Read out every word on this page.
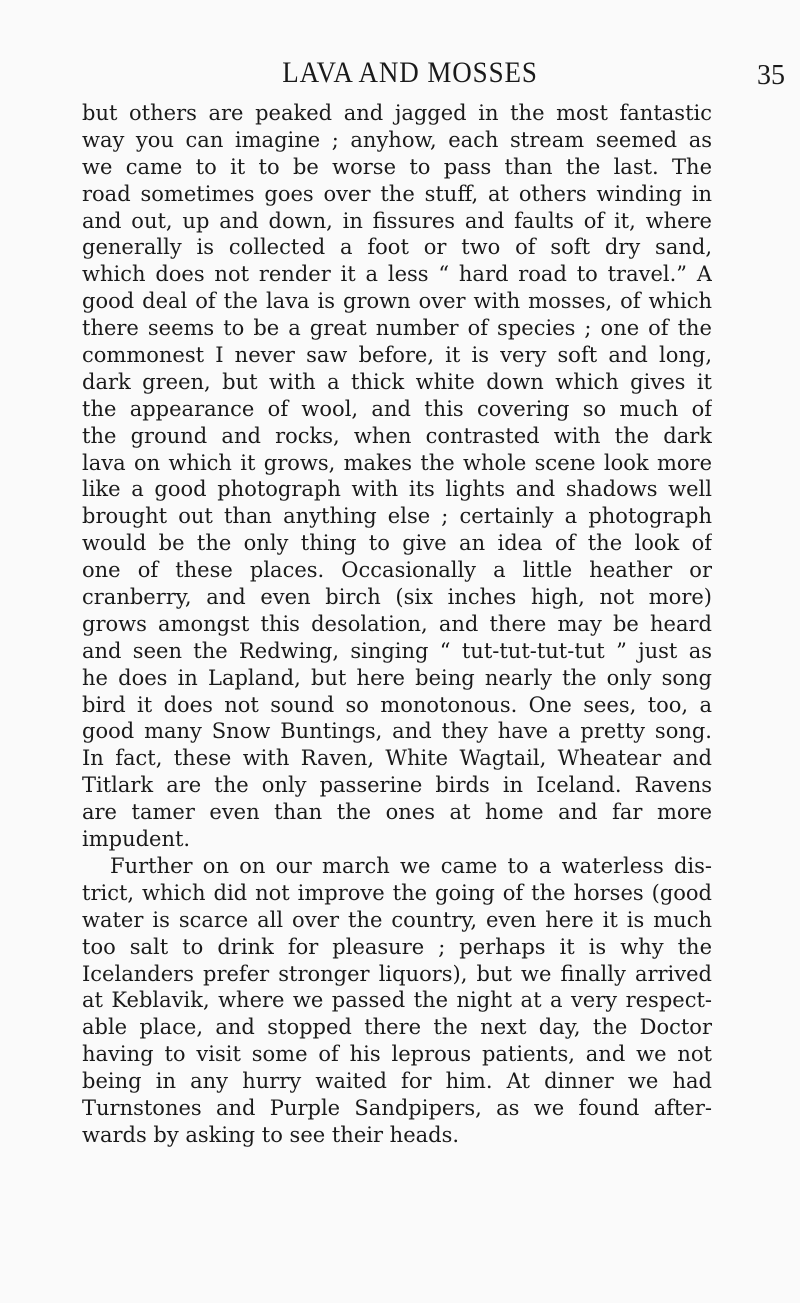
LAVA AND MOSSES	35
but others are peaked and jagged in the most fantastic
way you can imagine ; anyhow, each stream seemed as
we came to it to be worse to pass than the last. The
road sometimes goes over the stuff, at others winding in
and out, up and down, in fissures and faults of it, where
generally is collected a foot or two of soft dry sand,
which does not render it a less “ hard road to travel.” A
good deal of the lava is grown over with mosses, of which
there seems to be a great number of species ; one of the
commonest I never saw before, it is very soft and long,
dark green, but with a thick white down which gives it
the appearance of wool, and this covering so much of
the ground and rocks, when contrasted with the dark
lava on which it grows, makes the whole scene look more
like a good photograph with its lights and shadows well
brought out than anything else ; certainly a photograph
would be the only thing to give an idea of the look of
one of these places. Occasionally a little heather or
cranberry, and even birch (six inches high, not more)
grows amongst this desolation, and there may be heard
and seen the Redwing, singing “ tut-tut-tut-tut ” just as
he does in Lapland, but here being nearly the only song
bird it does not sound so monotonous. One sees, too, a
good many Snow Buntings, and they have a pretty song.
In fact, these with Raven, White Wagtail, Wheatear and
Titlark are the only passerine birds in Iceland. Ravens
are tamer even than the ones at home and far more
impudent.
Further on on our march we came to a waterless dis-
trict, which did not improve the going of the horses (good
water is scarce all over the country, even here it is much
too salt to drink for pleasure ; perhaps it is why the
Icelanders prefer stronger liquors), but we finally arrived
at Keblavik, where we passed the night at a very respect-
able place, and stopped there the next day, the Doctor
having to visit some of his leprous patients, and we not
being in any hurry waited for him. At dinner we had
Turnstones and Purple Sandpipers, as we found after-
wards by asking to see their heads.
